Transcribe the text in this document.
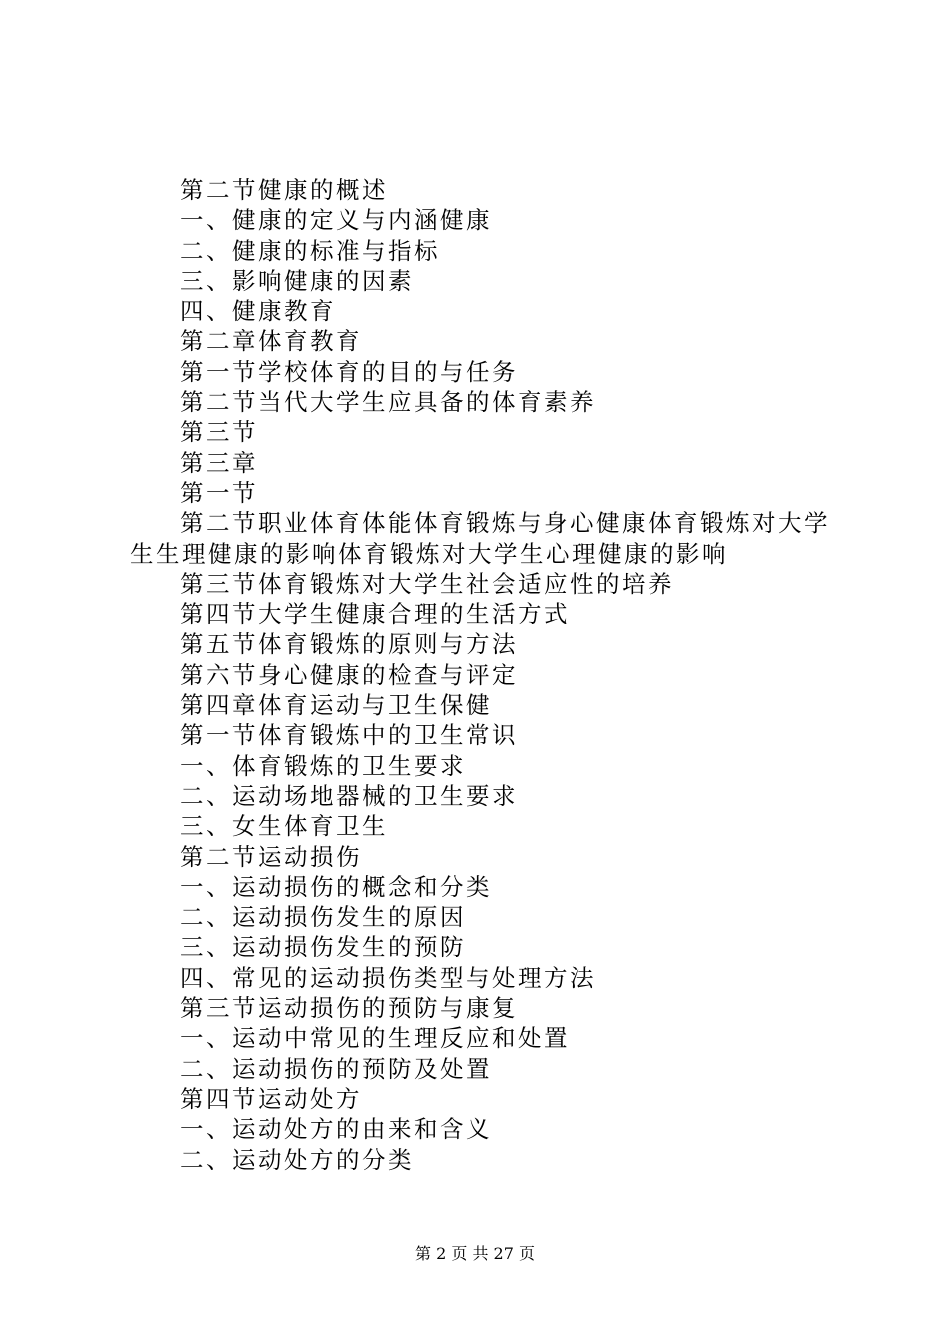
第二节健康的概述
一、健康的定义与内涵健康
二、健康的标准与指标
三、影响健康的因素
四、健康教育
第二章体育教育
第一节学校体育的目的与任务
第二节当代大学生应具备的体育素养
第三节
第三章
第一节
第二节职业体育体能体育锻炼与身心健康体育锻炼对大学生生理健康的影响体育锻炼对大学生心理健康的影响
第三节体育锻炼对大学生社会适应性的培养
第四节大学生健康合理的生活方式
第五节体育锻炼的原则与方法
第六节身心健康的检查与评定
第四章体育运动与卫生保健
第一节体育锻炼中的卫生常识
一、体育锻炼的卫生要求
二、运动场地器械的卫生要求
三、女生体育卫生
第二节运动损伤
一、运动损伤的概念和分类
二、运动损伤发生的原因
三、运动损伤发生的预防
四、常见的运动损伤类型与处理方法
第三节运动损伤的预防与康复
一、运动中常见的生理反应和处置
二、运动损伤的预防及处置
第四节运动处方
一、运动处方的由来和含义
二、运动处方的分类
第 2 页 共 27 页
